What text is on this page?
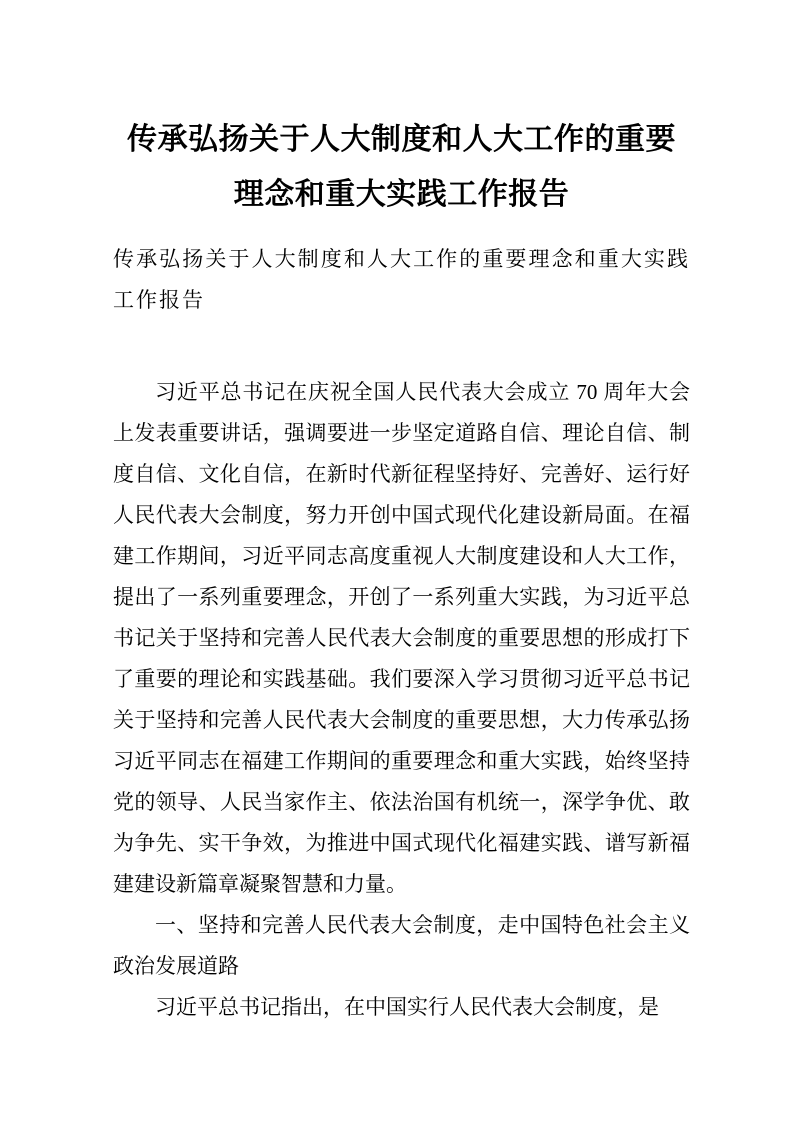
传承弘扬关于人大制度和人大工作的重要
理念和重大实践工作报告
传承弘扬关于人大制度和人大工作的重要理念和重大实践工作报告

习近平总书记在庆祝全国人民代表大会成立 70 周年大会上发表重要讲话，强调要进一步坚定道路自信、理论自信、制度自信、文化自信，在新时代新征程坚持好、完善好、运行好人民代表大会制度，努力开创中国式现代化建设新局面。在福建工作期间，习近平同志高度重视人大制度建设和人大工作，提出了一系列重要理念，开创了一系列重大实践，为习近平总书记关于坚持和完善人民代表大会制度的重要思想的形成打下了重要的理论和实践基础。我们要深入学习贯彻习近平总书记关于坚持和完善人民代表大会制度的重要思想，大力传承弘扬习近平同志在福建工作期间的重要理念和重大实践，始终坚持党的领导、人民当家作主、依法治国有机统一，深学争优、敢为争先、实干争效，为推进中国式现代化福建实践、谱写新福建建设新篇章凝聚智慧和力量。

一、坚持和完善人民代表大会制度，走中国特色社会主义政治发展道路

习近平总书记指出，在中国实行人民代表大会制度，是
